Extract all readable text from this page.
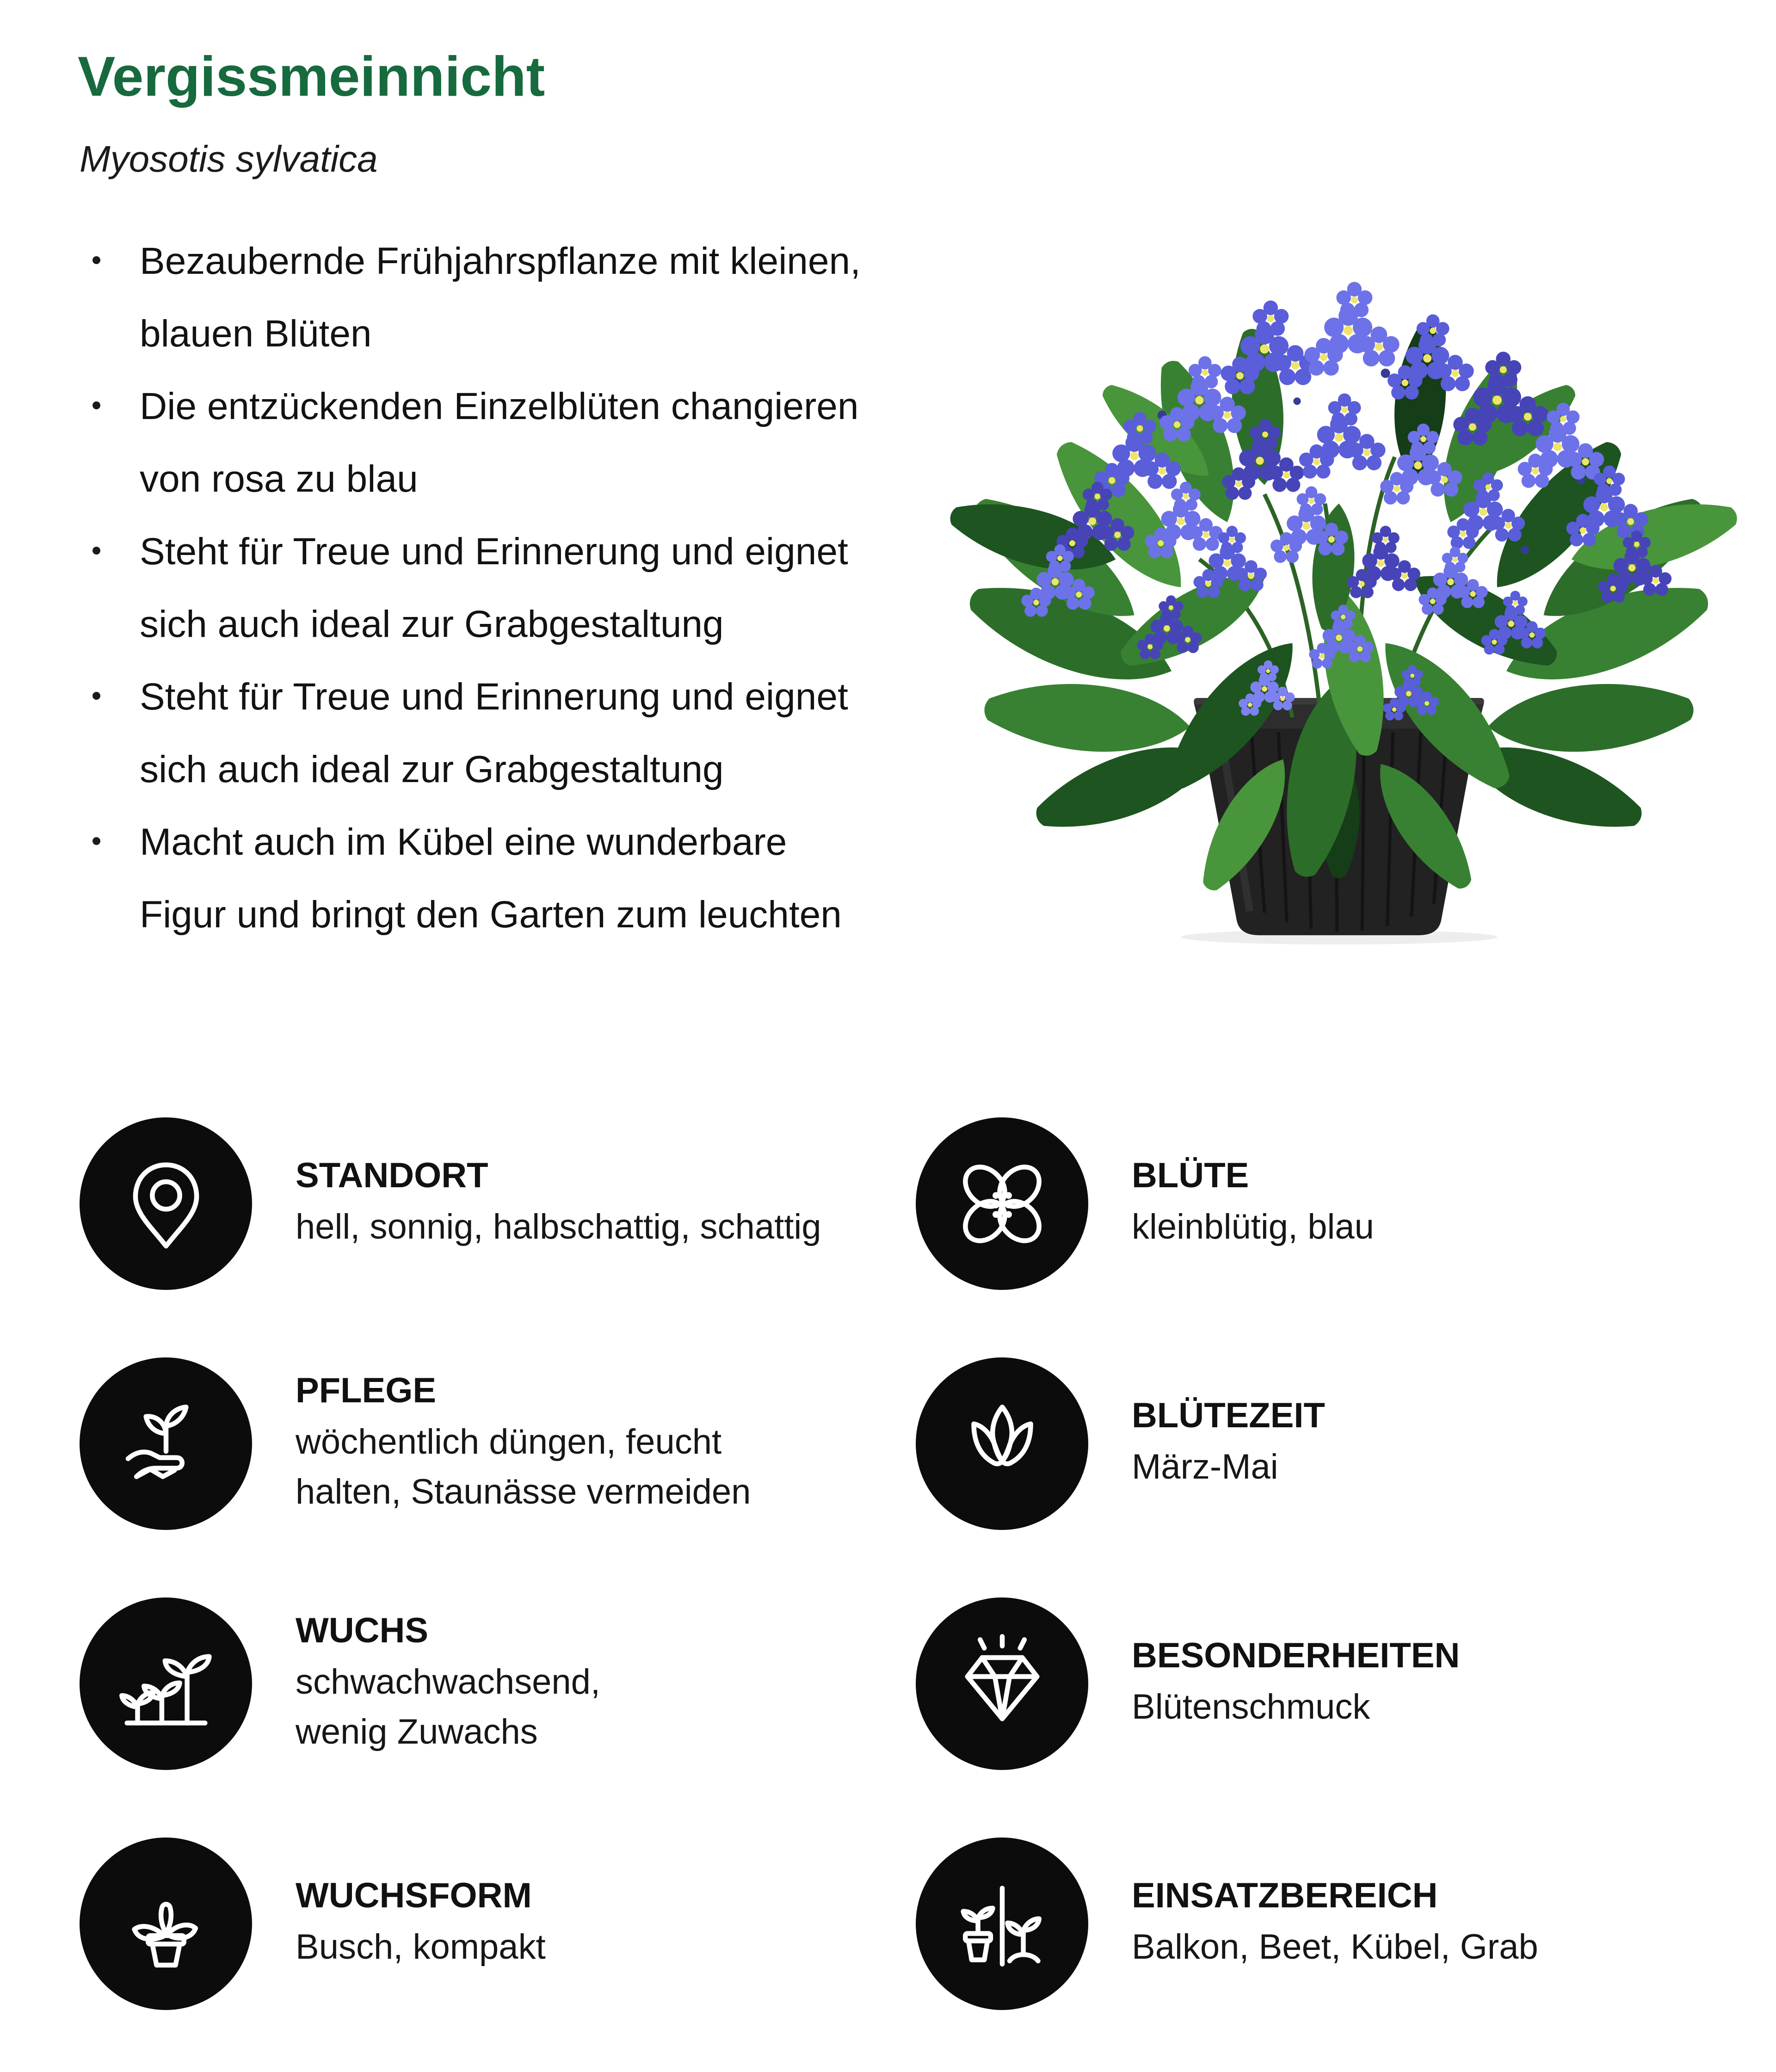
Vergissmeinnicht

Myosotis sylvatica

Bezaubernde Frühjahrspflanze mit kleinen, blauen Blüten
Die entzückenden Einzelblüten changieren von rosa zu blau
Steht für Treue und Erinnerung und eignet sich auch ideal zur Grabgestaltung
Steht für Treue und Erinnerung und eignet sich auch ideal zur Grabgestaltung
Macht auch im Kübel eine wunderbare Figur und bringt den Garten zum leuchten
STANDORT
hell, sonnig, halbschattig, schattig
BLÜTE
kleinblütig, blau
PFLEGE
wöchentlich düngen, feucht halten, Staunässe vermeiden
BLÜTEZEIT
März-Mai
WUCHS
schwachwachsend, wenig Zuwachs
BESONDERHEITEN
Blütenschmuck
WUCHSFORM
Busch, kompakt
EINSATZBEREICH
Balkon, Beet, Kübel, Grab
